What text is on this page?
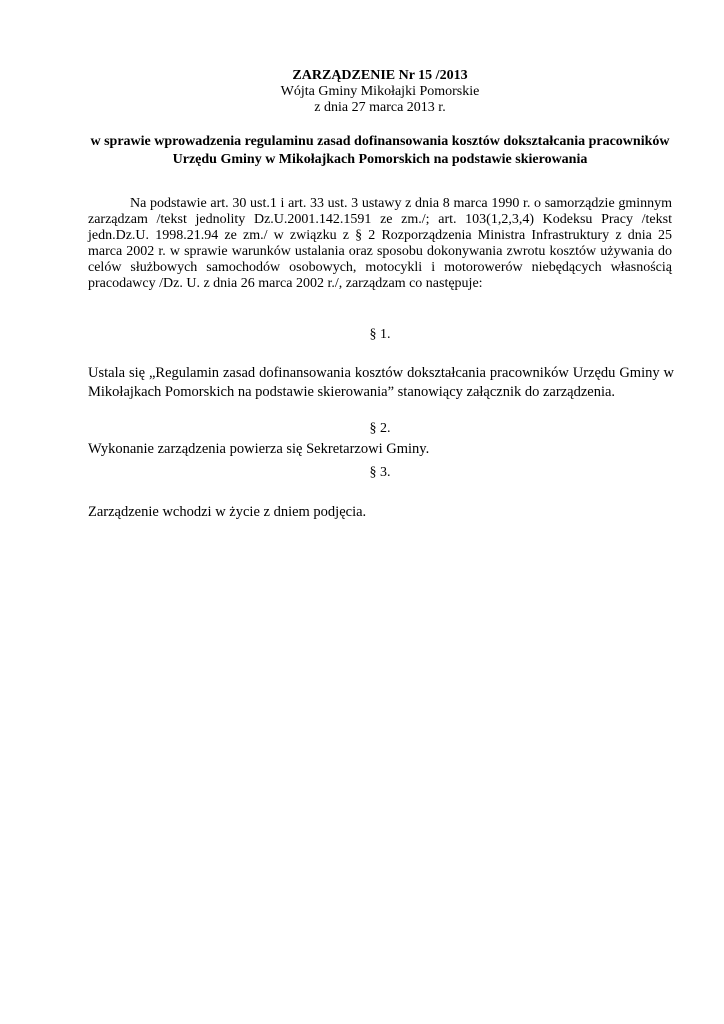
ZARZĄDZENIE Nr 15 /2013
Wójta Gminy Mikołajki Pomorskie
z dnia 27 marca 2013 r.
w sprawie wprowadzenia regulaminu zasad dofinansowania kosztów dokształcania pracowników
Urzędu Gminy w Mikołajkach Pomorskich na podstawie skierowania
Na podstawie art. 30 ust.1 i art. 33 ust. 3 ustawy z dnia 8 marca 1990 r. o samorządzie gminnym zarządzam /tekst jednolity Dz.U.2001.142.1591 ze zm./; art. 103(1,2,3,4) Kodeksu Pracy /tekst jedn.Dz.U. 1998.21.94 ze zm./ w związku z § 2 Rozporządzenia Ministra Infrastruktury z dnia 25 marca 2002 r. w sprawie warunków ustalania oraz sposobu dokonywania zwrotu kosztów używania do celów służbowych samochodów osobowych, motocykli i motorowerów niebędących własnością pracodawcy /Dz. U. z dnia 26 marca 2002 r./, zarządzam co następuje:
§ 1.
Ustala się „Regulamin zasad dofinansowania kosztów dokształcania pracowników Urzędu Gminy w Mikołajkach Pomorskich na podstawie skierowania” stanowiący załącznik do zarządzenia.
§ 2.
Wykonanie zarządzenia powierza się Sekretarzowi Gminy.
§ 3.
Zarządzenie wchodzi w życie z dniem podjęcia.
